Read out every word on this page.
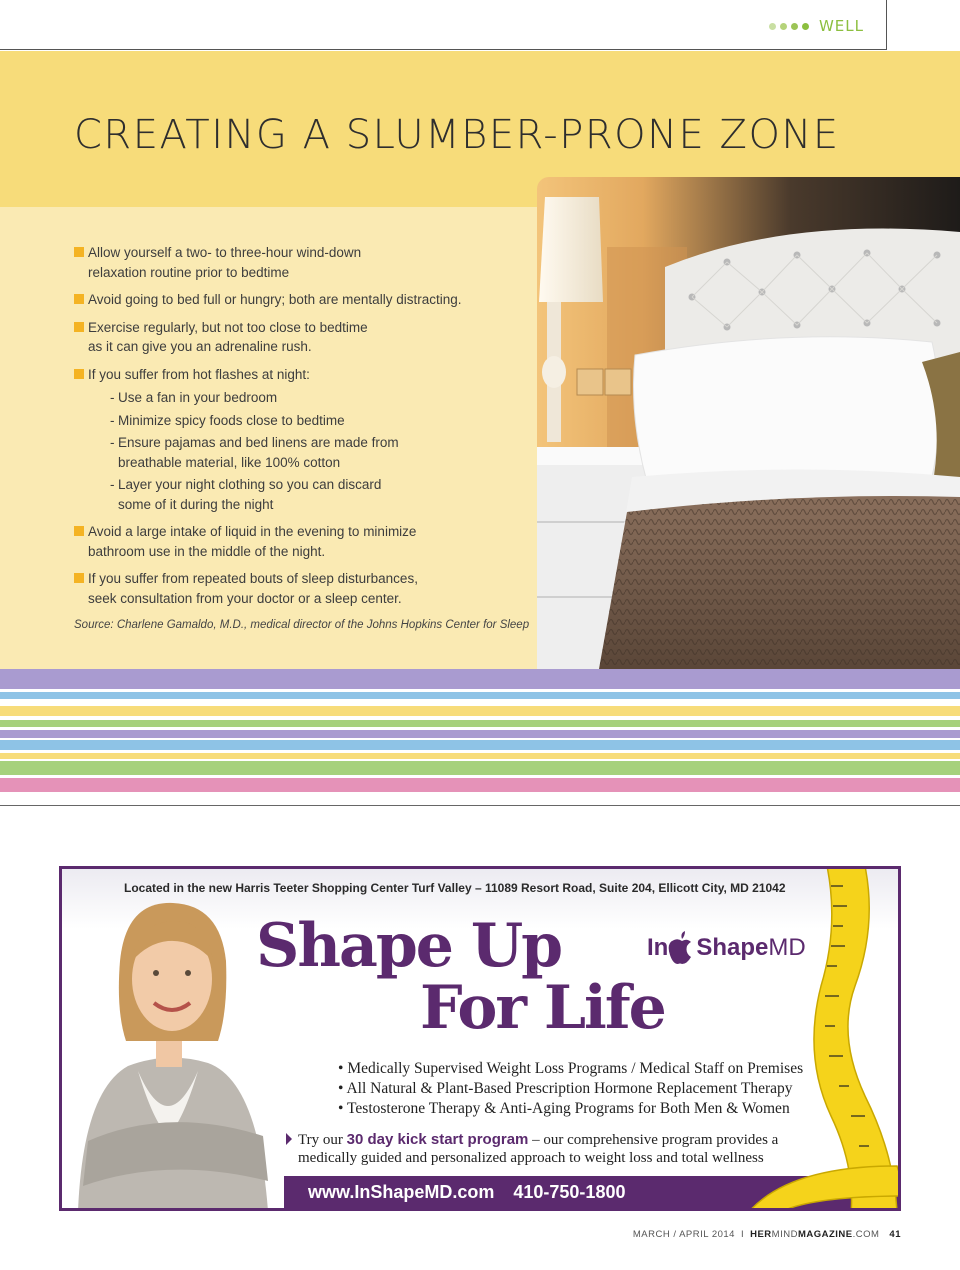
WELL
CREATING A SLUMBER-PRONE ZONE
Allow yourself a two- to three-hour wind-down
relaxation routine prior to bedtime
Avoid going to bed full or hungry; both are mentally distracting.
Exercise regularly, but not too close to bedtime
as it can give you an adrenaline rush.
If you suffer from hot flashes at night:
- Use a fan in your bedroom
- Minimize spicy foods close to bedtime
- Ensure pajamas and bed linens are made from
breathable material, like 100% cotton
- Layer your night clothing so you can discard
some of it during the night
Avoid a large intake of liquid in the evening to minimize
bathroom use in the middle of the night.
If you suffer from repeated bouts of sleep disturbances,
seek consultation from your doctor or a sleep center.
Source: Charlene Gamaldo, M.D., medical director of the Johns Hopkins Center for Sleep
Located in the new Harris Teeter Shopping Center Turf Valley – 11089 Resort Road, Suite 204, Ellicott City, MD 21042
Shape Up
For Life
In Shape MD
• Medically Supervised Weight Loss Programs / Medical Staff on Premises
• All Natural & Plant-Based Prescription Hormone Replacement Therapy
• Testosterone Therapy & Anti-Aging Programs for Both Men & Women
Try our 30 day kick start program – our comprehensive program provides a
medically guided and personalized approach to weight loss and total wellness
www.InShapeMD.com 410-750-1800
MARCH / APRIL 2014 I HERMINDMAGAZINE.COM 41
